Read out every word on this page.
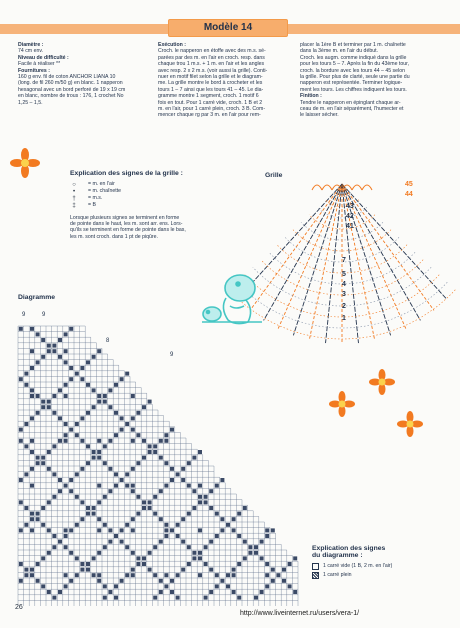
Modèle 14
Diamètre :
74 cm env.
Niveau de difficulté :
Facile à réaliser **
Fournitures :
160 g env. fil de coton ANCHOR LIANA 10
(long. de fil 260 m/50 g) en blanc. 1 napperon
hexagonal avec un bord perforé de 19 x 19 cm
en blanc, nombre de trous : 176, 1 crochet No
1,25 – 1,5.
Exécution :
Croch. le napperon en étoffe avec des m.s. sé-
parées par des m. en l'air en croch. resp. dans
chaque trou 1 m.s. + 1 m. en l'air et les angles
avec resp. 2 x 2 m.s. (voir aussi la grille). Conti-
nuer en motif filet selon la grille et le diagram-
me. La grille montre le bord à crocheter et les
tours 1 – 7 ainsi que les tours 41 – 45. Le dia-
gramme montre 1 segment, croch. 1 motif 6
fois en tout. Pour 1 carré vide, croch. 1 B et 2
m. en l'air, pour 1 carré plein, croch. 3 B. Com-
mencer chaque rg par 3 m. en l'air pour rem-
placer la 1ère B et terminer par 1 m. chaînette
dans la 3ème m. en l'air du début.
Croch. les augm. comme indiqué dans la grille
pour les tours 5 – 7. Après la fin du 43ème tour,
croch. la bordure avec les tours 44 – 45 selon
la grille. Pour plus de clarté, seule une partie du
napperon est représentée. Terminer logique-
ment les tours. Les chiffres indiquent les tours.
Finition :
Tendre le napperon en épinglant chaque ar-
ceau de m. en l'air séparément, l'humecter et
le laisser sécher.
Explication des signes de la grille :
○	= m. en l'air
•	= m. chaînette
†	= m.s.
‡	= B
Lorsque plusieurs signes se terminent en forme
de pointe dans le haut, les m. sont arr. ens. Lors-
qu'ils se terminent en forme de pointe dans le bas,
les m. sont croch. dans 1 pt de piqûre.
Grille
45
44
43
42
41
7
5
4
3
2
1
Diagramme
9	9
8
9
Explication des signes
du diagramme :
1 carré vide (1 B, 2 m. en l'air)
1 carré plein
26
http://www.liveinternet.ru/users/vera-1/
